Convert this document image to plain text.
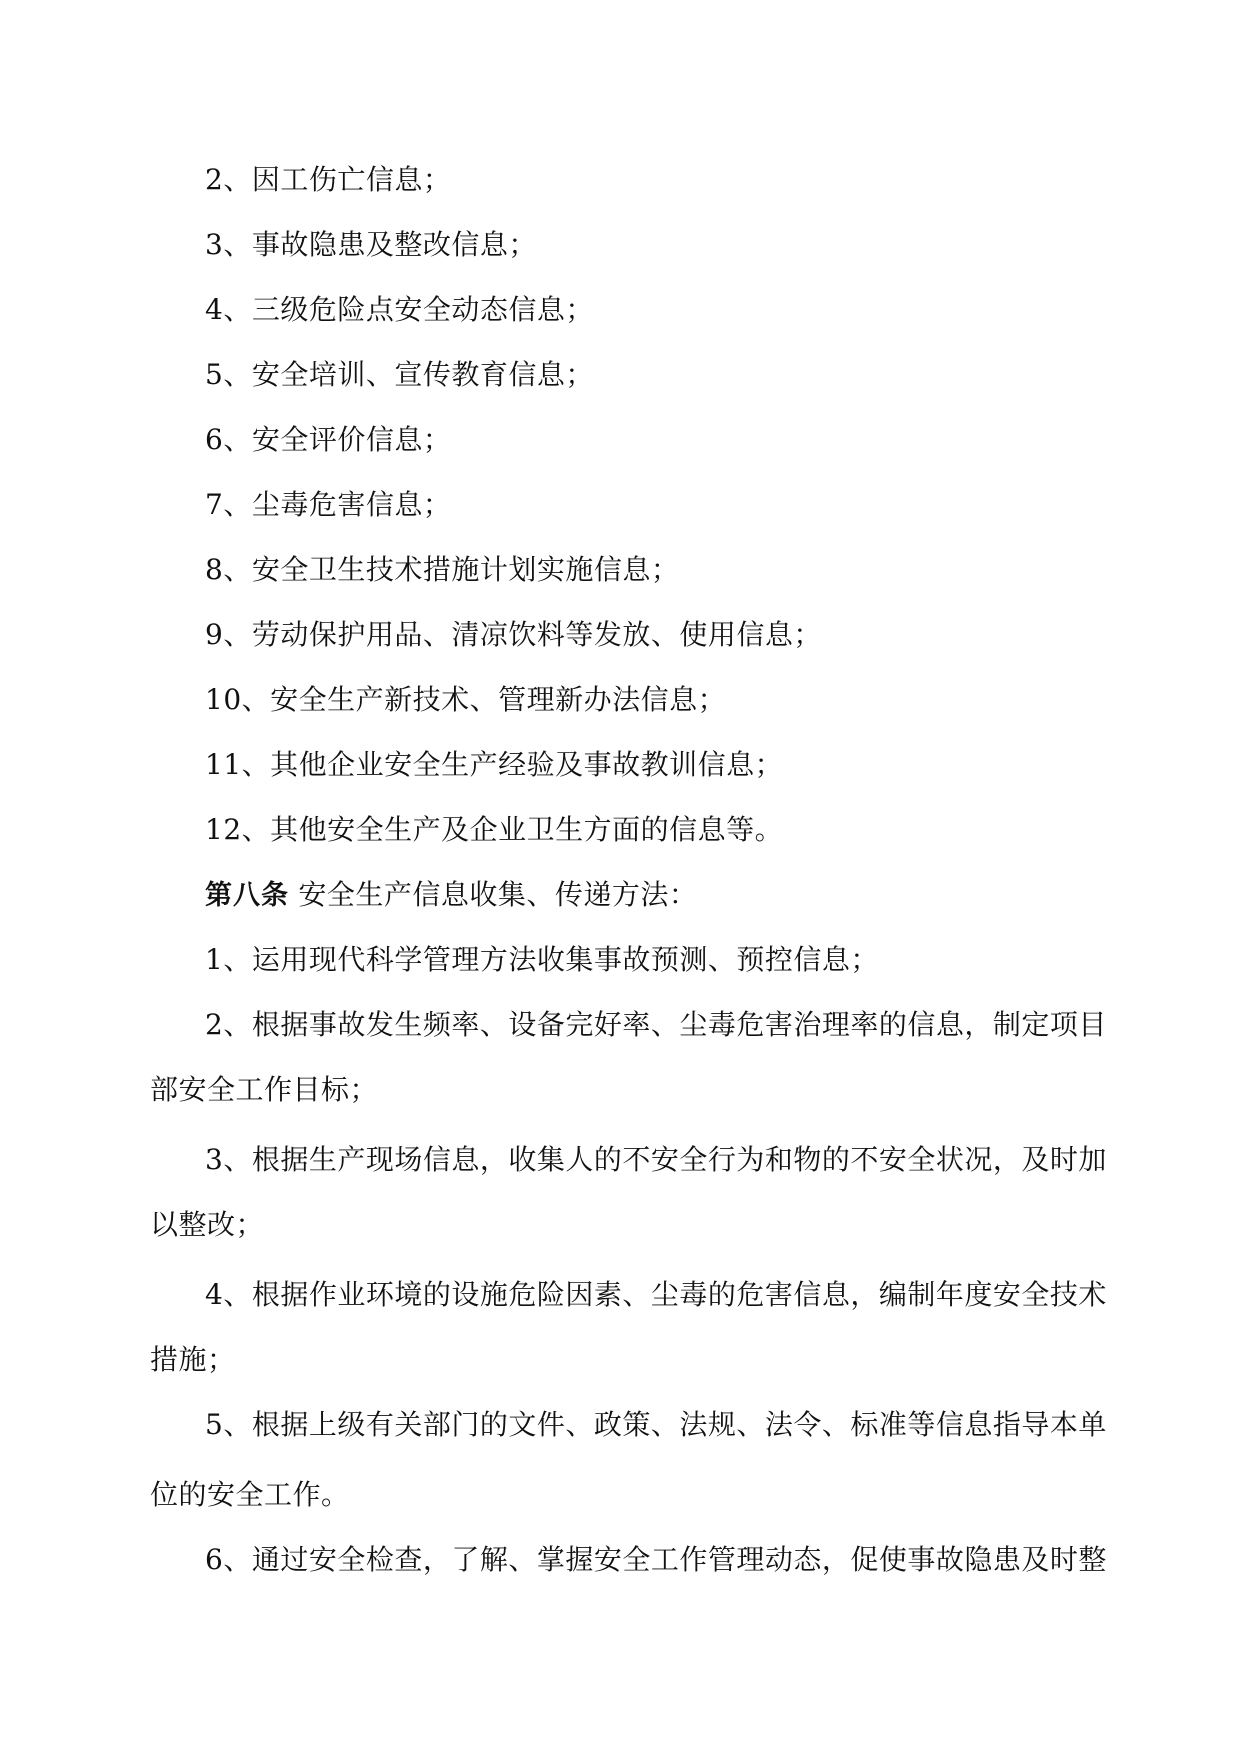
2、因工伤亡信息；
3、事故隐患及整改信息；
4、三级危险点安全动态信息；
5、安全培训、宣传教育信息；
6、安全评价信息；
7、尘毒危害信息；
8、安全卫生技术措施计划实施信息；
9、劳动保护用品、清凉饮料等发放、使用信息；
10、安全生产新技术、管理新办法信息；
11、其他企业安全生产经验及事故教训信息；
12、其他安全生产及企业卫生方面的信息等。
第八条 安全生产信息收集、传递方法：
1、运用现代科学管理方法收集事故预测、预控信息；
2、根据事故发生频率、设备完好率、尘毒危害治理率的信息，制定项目
部安全工作目标；
3、根据生产现场信息，收集人的不安全行为和物的不安全状况，及时加
以整改；
4、根据作业环境的设施危险因素、尘毒的危害信息，编制年度安全技术
措施；
5、根据上级有关部门的文件、政策、法规、法令、标准等信息指导本单
位的安全工作。
6、通过安全检查，了解、掌握安全工作管理动态，促使事故隐患及时整
